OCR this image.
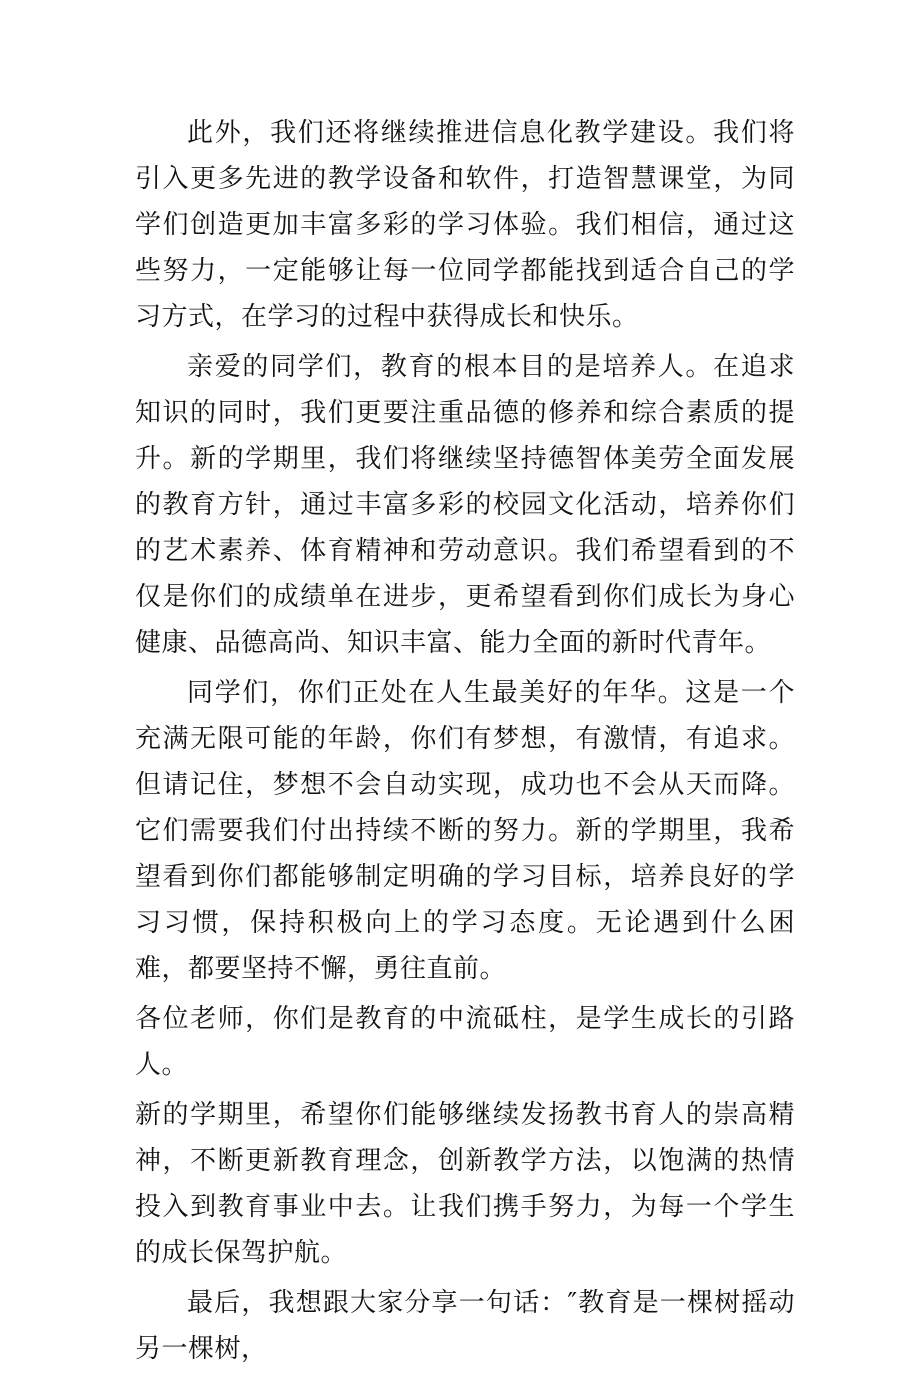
此外，我们还将继续推进信息化教学建设。我们将引入更多先进的教学设备和软件，打造智慧课堂，为同学们创造更加丰富多彩的学习体验。我们相信，通过这些努力，一定能够让每一位同学都能找到适合自己的学习方式，在学习的过程中获得成长和快乐。

亲爱的同学们，教育的根本目的是培养人。在追求知识的同时，我们更要注重品德的修养和综合素质的提升。新的学期里，我们将继续坚持德智体美劳全面发展的教育方针，通过丰富多彩的校园文化活动，培养你们的艺术素养、体育精神和劳动意识。我们希望看到的不仅是你们的成绩单在进步，更希望看到你们成长为身心健康、品德高尚、知识丰富、能力全面的新时代青年。

同学们，你们正处在人生最美好的年华。这是一个充满无限可能的年龄，你们有梦想，有激情，有追求。但请记住，梦想不会自动实现，成功也不会从天而降。它们需要我们付出持续不断的努力。新的学期里，我希望看到你们都能够制定明确的学习目标，培养良好的学习习惯，保持积极向上的学习态度。无论遇到什么困难，都要坚持不懈，勇往直前。

各位老师，你们是教育的中流砥柱，是学生成长的引路人。

新的学期里，希望你们能够继续发扬教书育人的崇高精神，不断更新教育理念，创新教学方法，以饱满的热情投入到教育事业中去。让我们携手努力，为每一个学生的成长保驾护航。

最后，我想跟大家分享一句话：″教育是一棵树摇动另一棵树，
